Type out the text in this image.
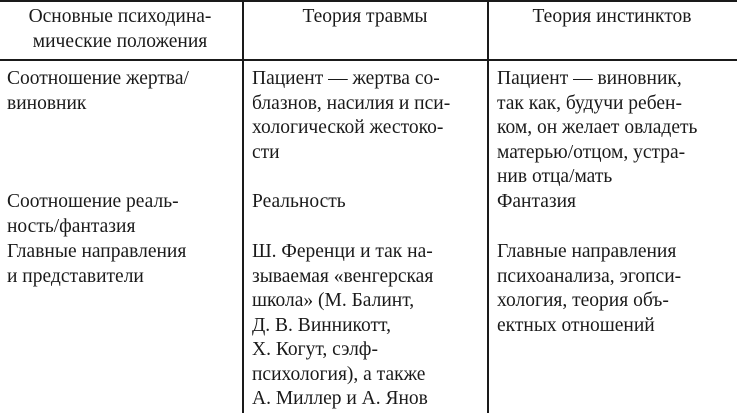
Основные психодина-
мические положения
Теория травмы	Теория инстинктов
Соотношение жертва/
виновник
Пациент — жертва со-
блазнов, насилия и пси-
хологической жестоко-
сти
Пациент — виновник,
так как, будучи ребен-
ком, он желает овладеть
матерью/отцом, устра-
нив отца/мать
Соотношение реаль-
ность/фантазия
Реальность	Фантазия
Главные направления
и представители
Ш. Ференци и так на-
зываемая «венгерская
школа» (М. Балинт,
Д. В. Винникотт,
Х. Когут, сэлф-
психология), а также
А. Миллер и А. Янов
Главные направления
психоанализа, эгопси-
хология, теория объ-
ектных отношений
